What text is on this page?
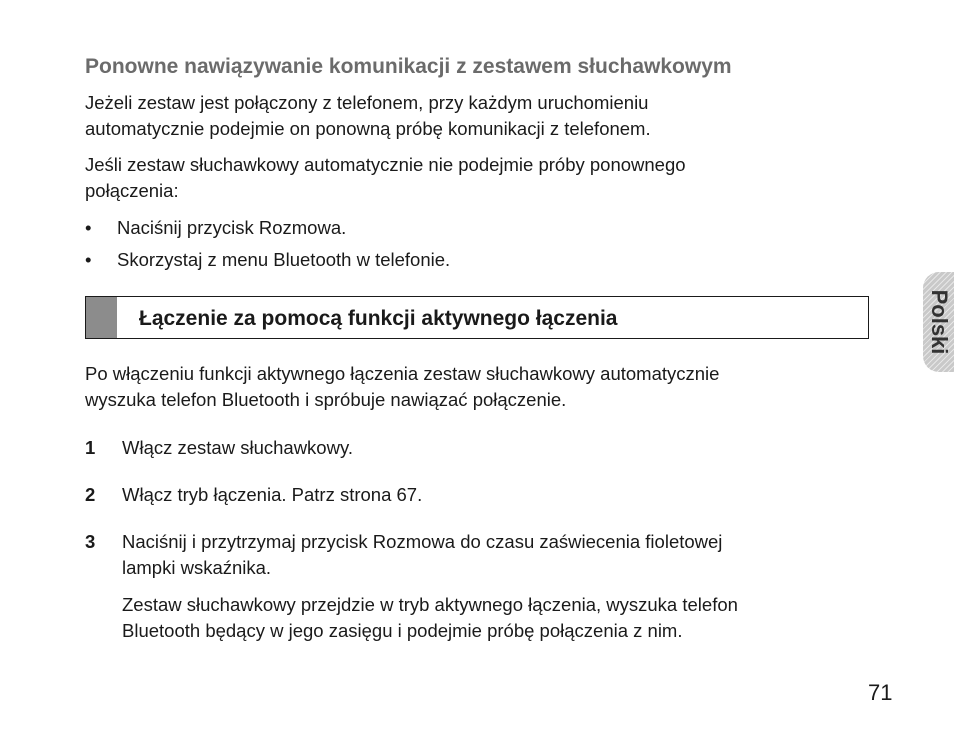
Ponowne nawiązywanie komunikacji z zestawem słuchawkowym
Jeżeli zestaw jest połączony z telefonem, przy każdym uruchomieniu
automatycznie podejmie on ponowną próbę komunikacji z telefonem.
Jeśli zestaw słuchawkowy automatycznie nie podejmie próby ponownego
połączenia:
• Naciśnij przycisk Rozmowa.
• Skorzystaj z menu Bluetooth w telefonie.
Łączenie za pomocą funkcji aktywnego łączenia
Po włączeniu funkcji aktywnego łączenia zestaw słuchawkowy automatycznie
wyszuka telefon Bluetooth i spróbuje nawiązać połączenie.
1 Włącz zestaw słuchawkowy.
2 Włącz tryb łączenia. Patrz strona 67.
3 Naciśnij i przytrzymaj przycisk Rozmowa do czasu zaświecenia fioletowej
lampki wskaźnika.
Zestaw słuchawkowy przejdzie w tryb aktywnego łączenia, wyszuka telefon
Bluetooth będący w jego zasięgu i podejmie próbę połączenia z nim.
Polski
71
